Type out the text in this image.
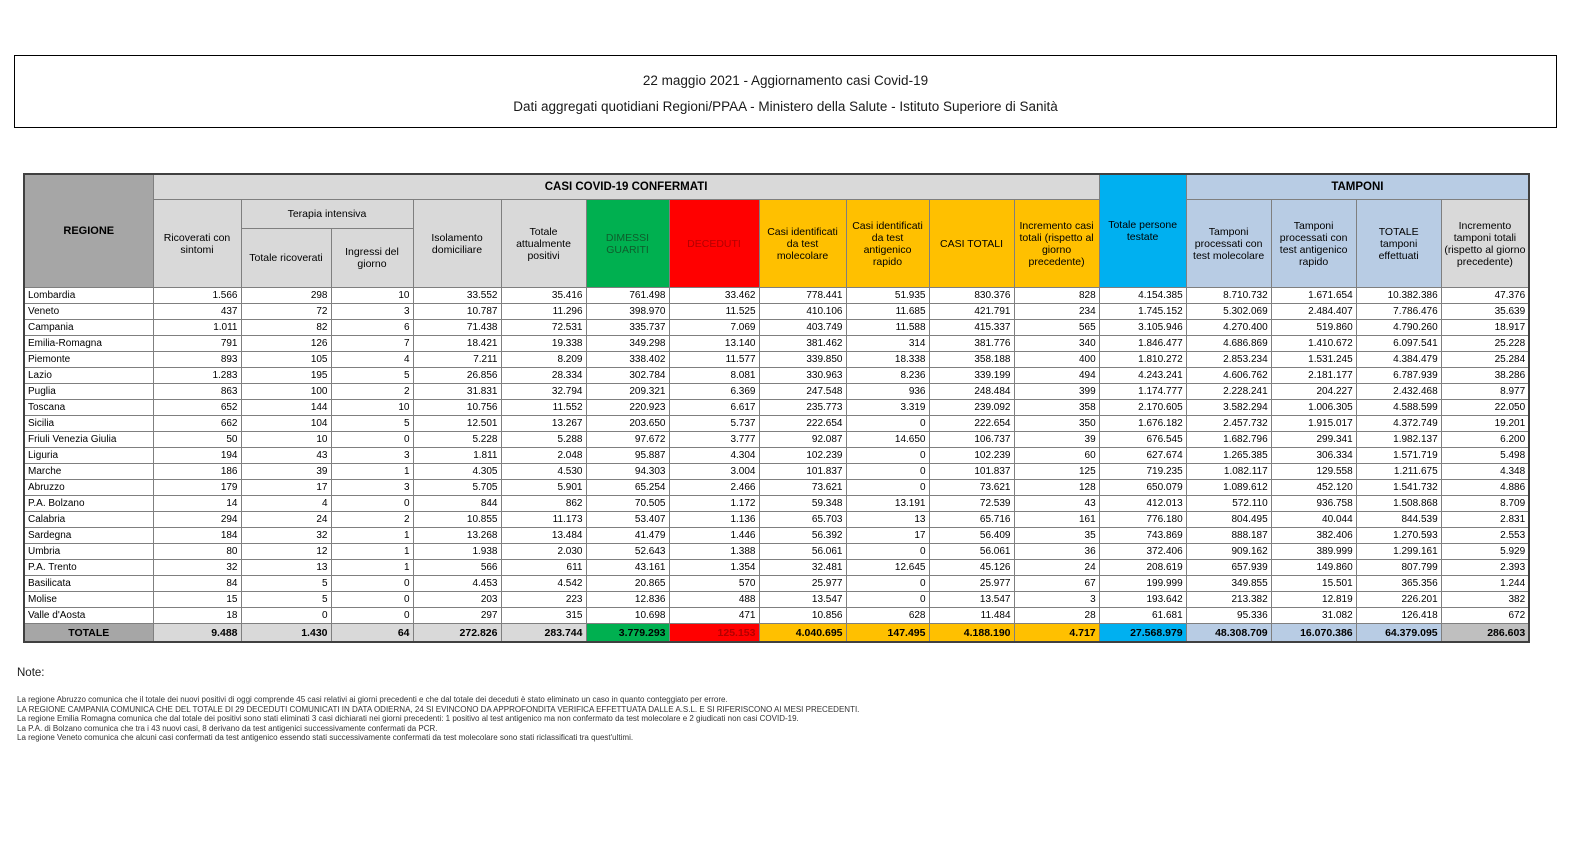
22 maggio 2021 - Aggiornamento casi Covid-19
Dati aggregati quotidiani Regioni/PPAA - Ministero della Salute - Istituto Superiore di Sanità
REGIONE	CASI COVID-19 CONFERMATI											Totale persone testate	TAMPONI			
	Ricoverati con sintomi	Terapia intensiva		Isolamento domiciliare	Totale attualmente positivi	DIMESSI GUARITI	DECEDUTI	Casi identificati da test molecolare	Casi identificati da test antigenico rapido	CASI TOTALI	Incremento casi totali (rispetto al giorno precedente)		Tamponi processati con test molecolare	Tamponi processati con test antigenico rapido	TOTALE tamponi effettuati	Incremento tamponi totali (rispetto al giorno precedente)
		Totale ricoverati	Ingressi del giorno													
Lombardia	1.566	298	10	33.552	35.416	761.498	33.462	778.441	51.935	830.376	828	4.154.385	8.710.732	1.671.654	10.382.386	47.376
Veneto	437	72	3	10.787	11.296	398.970	11.525	410.106	11.685	421.791	234	1.745.152	5.302.069	2.484.407	7.786.476	35.639
Campania	1.011	82	6	71.438	72.531	335.737	7.069	403.749	11.588	415.337	565	3.105.946	4.270.400	519.860	4.790.260	18.917
Emilia-Romagna	791	126	7	18.421	19.338	349.298	13.140	381.462	314	381.776	340	1.846.477	4.686.869	1.410.672	6.097.541	25.228
Piemonte	893	105	4	7.211	8.209	338.402	11.577	339.850	18.338	358.188	400	1.810.272	2.853.234	1.531.245	4.384.479	25.284
Lazio	1.283	195	5	26.856	28.334	302.784	8.081	330.963	8.236	339.199	494	4.243.241	4.606.762	2.181.177	6.787.939	38.286
Puglia	863	100	2	31.831	32.794	209.321	6.369	247.548	936	248.484	399	1.174.777	2.228.241	204.227	2.432.468	8.977
Toscana	652	144	10	10.756	11.552	220.923	6.617	235.773	3.319	239.092	358	2.170.605	3.582.294	1.006.305	4.588.599	22.050
Sicilia	662	104	5	12.501	13.267	203.650	5.737	222.654	0	222.654	350	1.676.182	2.457.732	1.915.017	4.372.749	19.201
Friuli Venezia Giulia	50	10	0	5.228	5.288	97.672	3.777	92.087	14.650	106.737	39	676.545	1.682.796	299.341	1.982.137	6.200
Liguria	194	43	3	1.811	2.048	95.887	4.304	102.239	0	102.239	60	627.674	1.265.385	306.334	1.571.719	5.498
Marche	186	39	1	4.305	4.530	94.303	3.004	101.837	0	101.837	125	719.235	1.082.117	129.558	1.211.675	4.348
Abruzzo	179	17	3	5.705	5.901	65.254	2.466	73.621	0	73.621	128	650.079	1.089.612	452.120	1.541.732	4.886
P.A. Bolzano	14	4	0	844	862	70.505	1.172	59.348	13.191	72.539	43	412.013	572.110	936.758	1.508.868	8.709
Calabria	294	24	2	10.855	11.173	53.407	1.136	65.703	13	65.716	161	776.180	804.495	40.044	844.539	2.831
Sardegna	184	32	1	13.268	13.484	41.479	1.446	56.392	17	56.409	35	743.869	888.187	382.406	1.270.593	2.553
Umbria	80	12	1	1.938	2.030	52.643	1.388	56.061	0	56.061	36	372.406	909.162	389.999	1.299.161	5.929
P.A. Trento	32	13	1	566	611	43.161	1.354	32.481	12.645	45.126	24	208.619	657.939	149.860	807.799	2.393
Basilicata	84	5	0	4.453	4.542	20.865	570	25.977	0	25.977	67	199.999	349.855	15.501	365.356	1.244
Molise	15	5	0	203	223	12.836	488	13.547	0	13.547	3	193.642	213.382	12.819	226.201	382
Valle d'Aosta	18	0	0	297	315	10.698	471	10.856	628	11.484	28	61.681	95.336	31.082	126.418	672
TOTALE	9.488	1.430	64	272.826	283.744	3.779.293	125.153	4.040.695	147.495	4.188.190	4.717	27.568.979	48.308.709	16.070.386	64.379.095	286.603
Note:
La regione Abruzzo comunica che il totale dei nuovi positivi di oggi comprende 45 casi relativi ai giorni precedenti e che dal totale dei deceduti è stato eliminato un caso in quanto conteggiato per errore.
LA REGIONE CAMPANIA COMUNICA CHE DEL TOTALE DI 29 DECEDUTI COMUNICATI IN DATA ODIERNA, 24 SI EVINCONO DA APPROFONDITA VERIFICA EFFETTUATA DALLE A.S.L. E SI RIFERISCONO AI MESI PRECEDENTI.
La regione Emilia Romagna comunica che dal totale dei positivi sono stati eliminati 3 casi dichiarati nei giorni precedenti: 1 positivo al test antigenico ma non confermato da test molecolare e 2 giudicati non casi COVID-19.
La P.A. di Bolzano comunica che tra i 43 nuovi casi, 8 derivano da test antigenici successivamente confermati da PCR.
La regione Veneto comunica che alcuni casi confermati da test antigenico essendo stati successivamente confermati da test molecolare sono stati riclassificati tra quest'ultimi.
